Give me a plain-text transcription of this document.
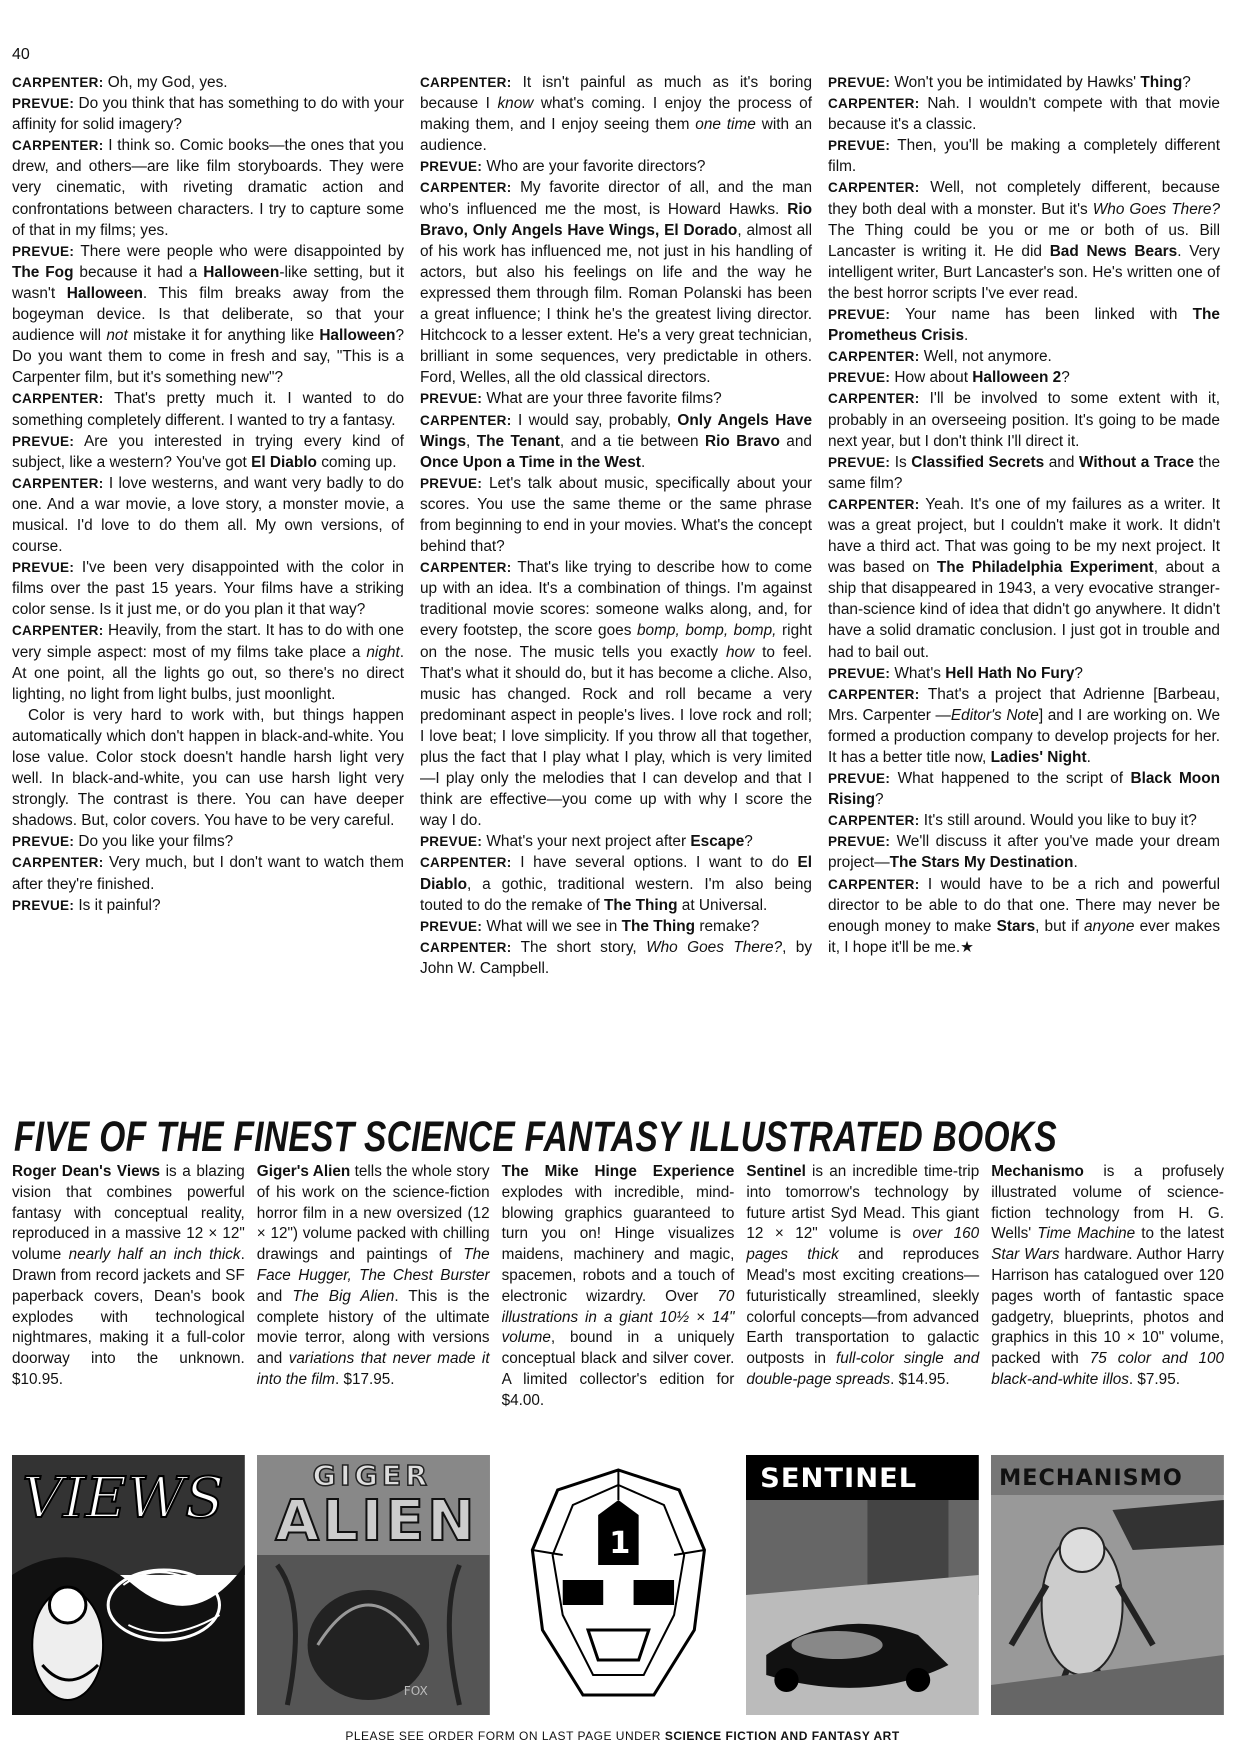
40

CARPENTER: Oh, my God, yes.

PREVUE: Do you think that has something to do with your affinity for solid imagery?

CARPENTER: I think so. Comic books—the ones that you drew, and others—are like film storyboards. They were very cinematic, with riveting dramatic action and confrontations between characters. I try to capture some of that in my films; yes.

PREVUE: There were people who were disappointed by The Fog because it had a Halloween-like setting, but it wasn't Halloween. This film breaks away from the bogeyman device. Is that deliberate, so that your audience will not mistake it for anything like Halloween? Do you want them to come in fresh and say, "This is a Carpenter film, but it's something new"?

CARPENTER: That's pretty much it. I wanted to do something completely different. I wanted to try a fantasy.

PREVUE: Are you interested in trying every kind of subject, like a western? You've got El Diablo coming up.

CARPENTER: I love westerns, and want very badly to do one. And a war movie, a love story, a monster movie, a musical. I'd love to do them all. My own versions, of course.

PREVUE: I've been very disappointed with the color in films over the past 15 years. Your films have a striking color sense. Is it just me, or do you plan it that way?

CARPENTER: Heavily, from the start. It has to do with one very simple aspect: most of my films take place a night. At one point, all the lights go out, so there's no direct lighting, no light from light bulbs, just moonlight.

Color is very hard to work with, but things happen automatically which don't happen in black-and-white. You lose value. Color stock doesn't handle harsh light very well. In black-and-white, you can use harsh light very strongly. The contrast is there. You can have deeper shadows. But, color covers. You have to be very careful.

PREVUE: Do you like your films?

CARPENTER: Very much, but I don't want to watch them after they're finished.

PREVUE: Is it painful?

CARPENTER: It isn't painful as much as it's boring because I know what's coming. I enjoy the process of making them, and I enjoy seeing them one time with an audience.

PREVUE: Who are your favorite directors?

CARPENTER: My favorite director of all, and the man who's influenced me the most, is Howard Hawks. Rio Bravo, Only Angels Have Wings, El Dorado, almost all of his work has influenced me, not just in his handling of actors, but also his feelings on life and the way he expressed them through film. Roman Polanski has been a great influence; I think he's the greatest living director. Hitchcock to a lesser extent. He's a very great technician, brilliant in some sequences, very predictable in others. Ford, Welles, all the old classical directors.

PREVUE: What are your three favorite films?

CARPENTER: I would say, probably, Only Angels Have Wings, The Tenant, and a tie between Rio Bravo and Once Upon a Time in the West.

PREVUE: Let's talk about music, specifically about your scores. You use the same theme or the same phrase from beginning to end in your movies. What's the concept behind that?

CARPENTER: That's like trying to describe how to come up with an idea. It's a combination of things. I'm against traditional movie scores: someone walks along, and, for every footstep, the score goes bomp, bomp, bomp, right on the nose. The music tells you exactly how to feel. That's what it should do, but it has become a cliche. Also, music has changed. Rock and roll became a very predominant aspect in people's lives. I love rock and roll; I love beat; I love simplicity. If you throw all that together, plus the fact that I play what I play, which is very limited —I play only the melodies that I can develop and that I think are effective—you come up with why I score the way I do.

PREVUE: What's your next project after Escape?

CARPENTER: I have several options. I want to do El Diablo, a gothic, traditional western. I'm also being touted to do the remake of The Thing at Universal.

PREVUE: What will we see in The Thing remake?

CARPENTER: The short story, Who Goes There?, by John W. Campbell.

PREVUE: Won't you be intimidated by Hawks' Thing?

CARPENTER: Nah. I wouldn't compete with that movie because it's a classic.

PREVUE: Then, you'll be making a completely different film.

CARPENTER: Well, not completely different, because they both deal with a monster. But it's Who Goes There? The Thing could be you or me or both of us. Bill Lancaster is writing it. He did Bad News Bears. Very intelligent writer, Burt Lancaster's son. He's written one of the best horror scripts I've ever read.

PREVUE: Your name has been linked with The Prometheus Crisis.

CARPENTER: Well, not anymore.

PREVUE: How about Halloween 2?

CARPENTER: I'll be involved to some extent with it, probably in an overseeing position. It's going to be made next year, but I don't think I'll direct it.

PREVUE: Is Classified Secrets and Without a Trace the same film?

CARPENTER: Yeah. It's one of my failures as a writer. It was a great project, but I couldn't make it work. It didn't have a third act. That was going to be my next project. It was based on The Philadelphia Experiment, about a ship that disappeared in 1943, a very evocative stranger-than-science kind of idea that didn't go anywhere. It didn't have a solid dramatic conclusion. I just got in trouble and had to bail out.

PREVUE: What's Hell Hath No Fury?

CARPENTER: That's a project that Adrienne [Barbeau, Mrs. Carpenter —Editor's Note] and I are working on. We formed a production company to develop projects for her. It has a better title now, Ladies' Night.

PREVUE: What happened to the script of Black Moon Rising?

CARPENTER: It's still around. Would you like to buy it?

PREVUE: We'll discuss it after you've made your dream project—The Stars My Destination.

CARPENTER: I would have to be a rich and powerful director to be able to do that one. There may never be enough money to make Stars, but if anyone ever makes it, I hope it'll be me.★

FIVE OF THE FINEST SCIENCE FANTASY ILLUSTRATED BOOKS

Roger Dean's Views is a blazing vision that combines powerful fantasy with conceptual reality, reproduced in a massive 12 × 12" volume nearly half an inch thick. Drawn from record jackets and SF paperback covers, Dean's book explodes with technological nightmares, making it a full-color doorway into the unknown. $10.95.

Giger's Alien tells the whole story of his work on the science-fiction horror film in a new oversized (12 × 12") volume packed with chilling drawings and paintings of The Face Hugger, The Chest Burster and The Big Alien. This is the complete history of the ultimate movie terror, along with versions and variations that never made it into the film. $17.95.

The Mike Hinge Experience explodes with incredible, mind-blowing graphics guaranteed to turn you on! Hinge visualizes maidens, machinery and magic, spacemen, robots and a touch of electronic wizardry. Over 70 illustrations in a giant 10½ × 14" volume, bound in a uniquely conceptual black and silver cover. A limited collector's edition for $4.00.

Sentinel is an incredible time-trip into tomorrow's technology by future artist Syd Mead. This giant 12 × 12" volume is over 160 pages thick and reproduces Mead's most exciting creations—futuristically streamlined, sleekly colorful concepts—from advanced Earth transportation to galactic outposts in full-color single and double-page spreads. $14.95.

Mechanismo is a profusely illustrated volume of science-fiction technology from H. G. Wells' Time Machine to the latest Star Wars hardware. Author Harry Harrison has catalogued over 120 pages worth of fantastic space gadgetry, blueprints, photos and graphics in this 10 × 10" volume, packed with 75 color and 100 black-and-white illos. $7.95.

VIEWS	GIGER
ALIEN
FOX
1
SENTINEL	MECHANISMO
PLEASE SEE ORDER FORM ON LAST PAGE UNDER SCIENCE FICTION AND FANTASY ART
